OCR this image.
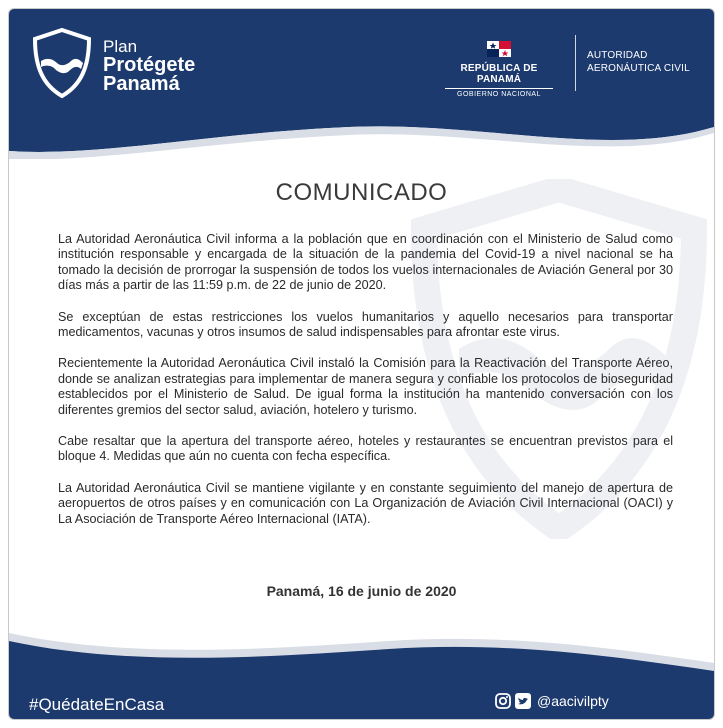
Plan
Protégete
Panamá
REPÚBLICA DE PANAMÁ
GOBIERNO NACIONAL
AUTORIDAD
AERONÁUTICA CIVIL
COMUNICADO

La Autoridad Aeronáutica Civil informa a la población que en coordinación con el Ministerio de Salud como institución responsable y encargada de la situación de la pandemia del Covid-19 a nivel nacional se ha tomado la decisión de prorrogar la suspensión de todos los vuelos internacionales de Aviación General por 30 días más a partir de las 11:59 p.m. de 22 de junio de 2020.

Se exceptúan de estas restricciones los vuelos humanitarios y aquello necesarios para transportar medicamentos, vacunas y otros insumos de salud indispensables para afrontar este virus.

Recientemente la Autoridad Aeronáutica Civil instaló la Comisión para la Reactivación del Transporte Aéreo, donde se analizan estrategias para implementar de manera segura y confiable los protocolos de bioseguridad establecidos por el Ministerio de Salud. De igual forma la institución ha mantenido conversación con los diferentes gremios del sector salud, aviación, hotelero y turismo.

Cabe resaltar que la apertura del transporte aéreo, hoteles y restaurantes se encuentran previstos para el bloque 4. Medidas que aún no cuenta con fecha específica.

La Autoridad Aeronáutica Civil se mantiene vigilante y en constante seguimiento del manejo de apertura de aeropuertos de otros países y en comunicación con La Organización de Aviación Civil Internacional (OACI) y La Asociación de Transporte Aéreo Internacional (IATA).

Panamá, 16 de junio de 2020
#QuédateEnCasa	@aacivilpty
